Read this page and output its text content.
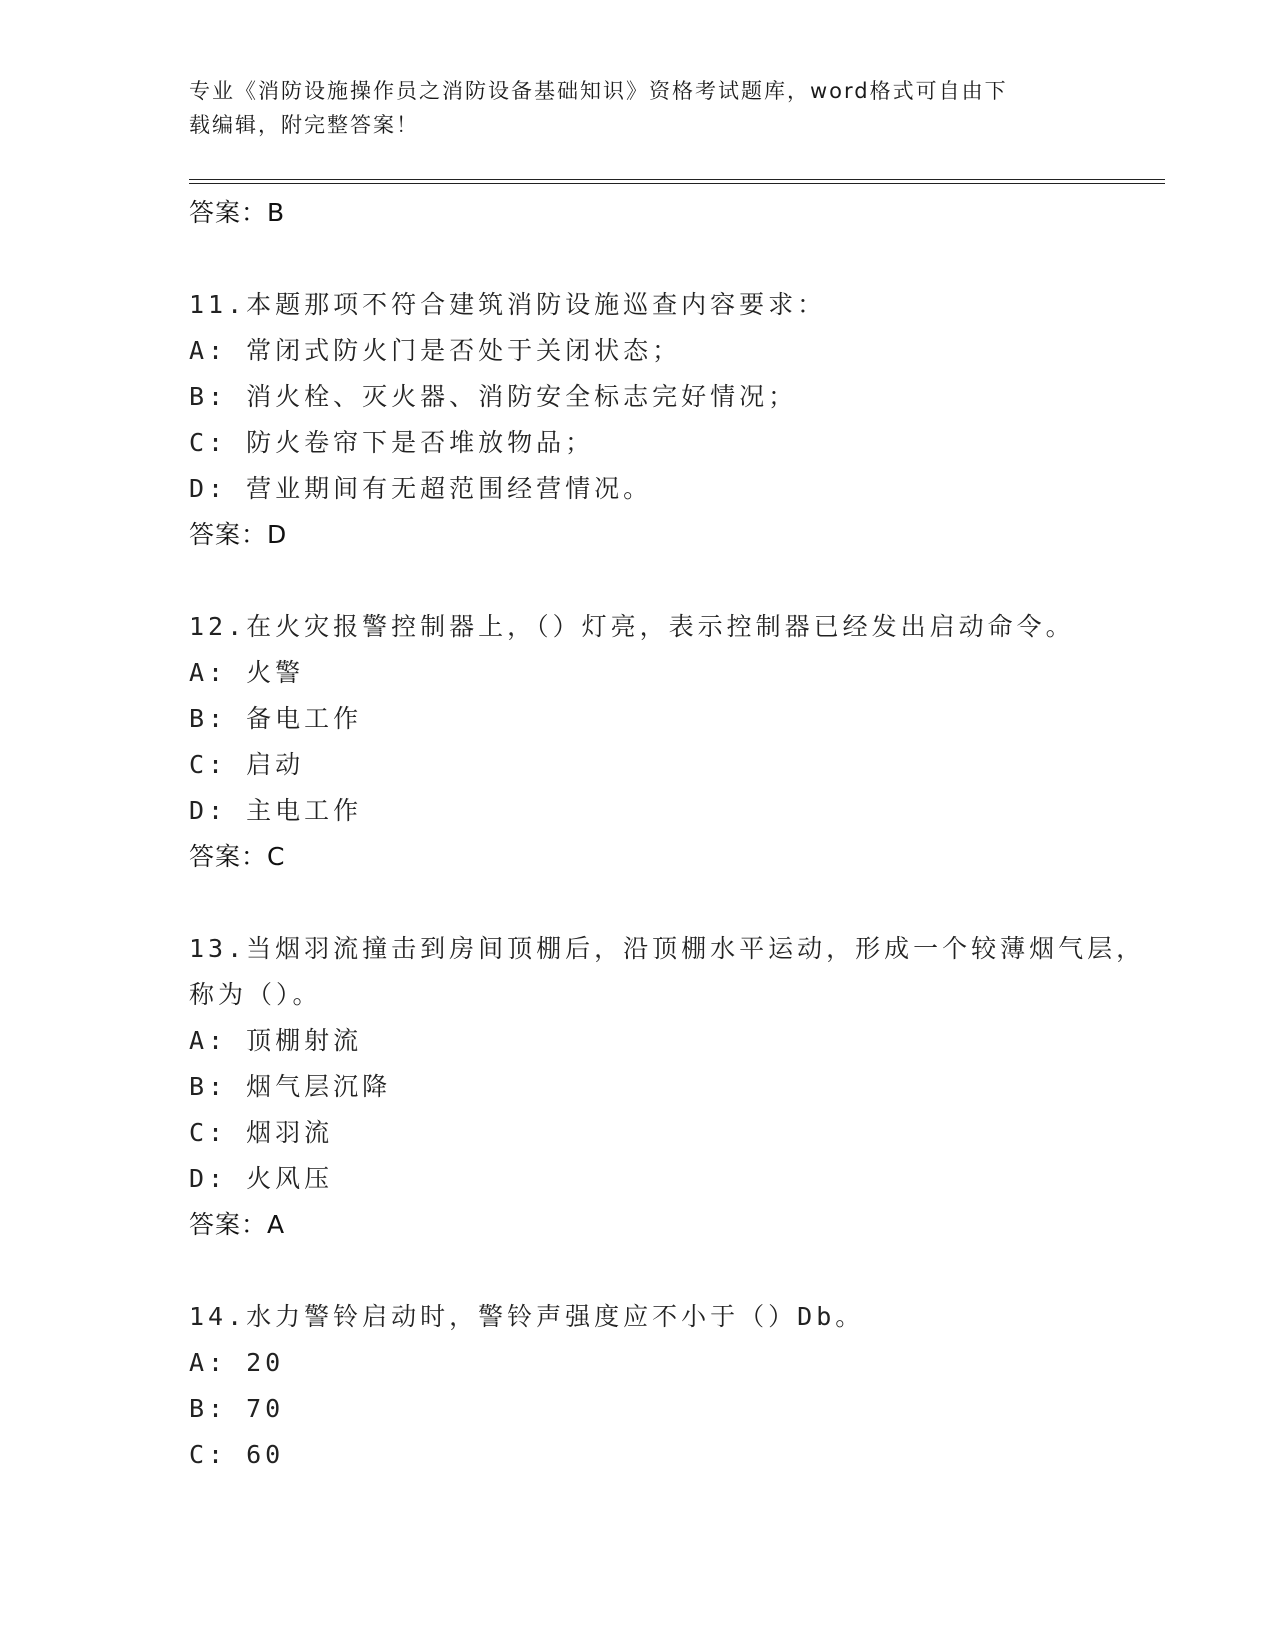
专业《消防设施操作员之消防设备基础知识》资格考试题库，word格式可自由下
载编辑，附完整答案！
答案：B
11.本题那项不符合建筑消防设施巡查内容要求：
A: 常闭式防火门是否处于关闭状态；
B: 消火栓、灭火器、消防安全标志完好情况；
C: 防火卷帘下是否堆放物品；
D: 营业期间有无超范围经营情况。
答案：D
12.在火灾报警控制器上，（）灯亮，表示控制器已经发出启动命令。
A: 火警
B: 备电工作
C: 启动
D: 主电工作
答案：C
13.当烟羽流撞击到房间顶棚后，沿顶棚水平运动，形成一个较薄烟气层，称为（）。
A: 顶棚射流
B: 烟气层沉降
C: 烟羽流
D: 火风压
答案：A
14.水力警铃启动时，警铃声强度应不小于（）Db。
A: 20
B: 70
C: 60
